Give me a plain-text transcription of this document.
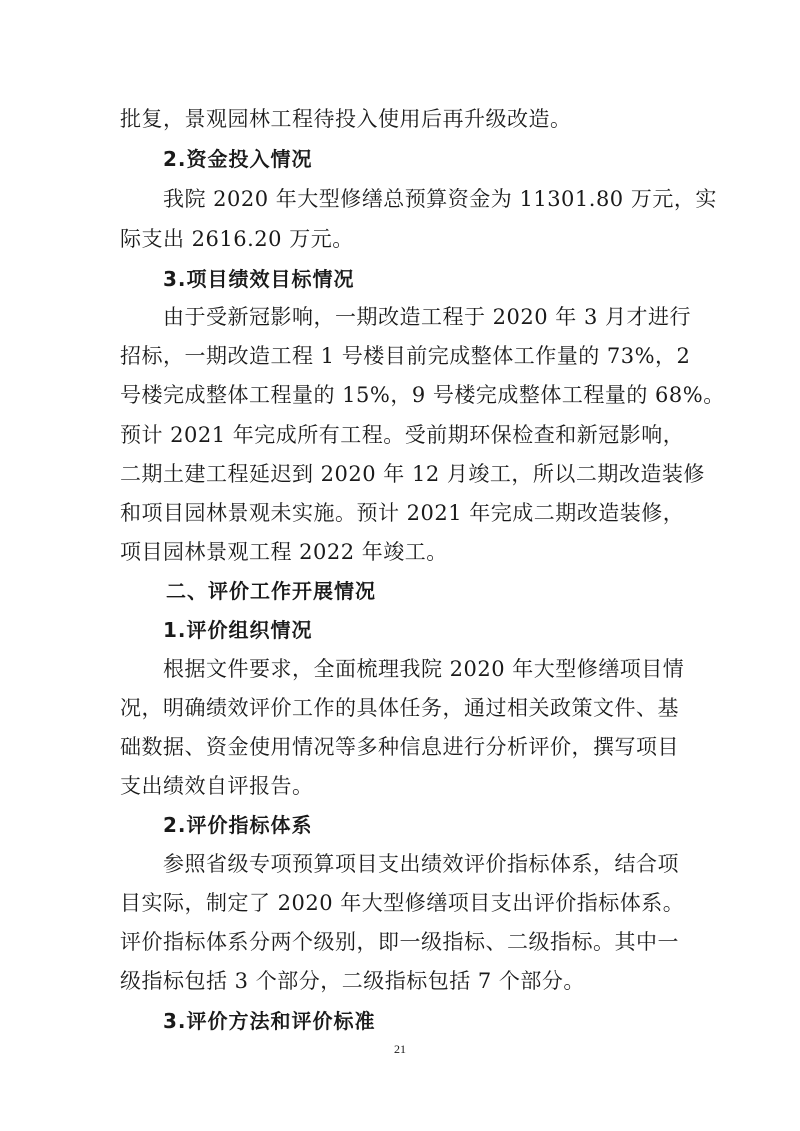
批复，景观园林工程待投入使用后再升级改造。
2.资金投入情况
我院 2020 年大型修缮总预算资金为 11301.80 万元，实
际支出 2616.20 万元。
3.项目绩效目标情况
由于受新冠影响，一期改造工程于 2020 年 3 月才进行
招标，一期改造工程 1 号楼目前完成整体工作量的 73%，2
号楼完成整体工程量的 15%，9 号楼完成整体工程量的 68%。
预计 2021 年完成所有工程。受前期环保检查和新冠影响，
二期土建工程延迟到 2020 年 12 月竣工，所以二期改造装修
和项目园林景观未实施。预计 2021 年完成二期改造装修，
项目园林景观工程 2022 年竣工。
二、评价工作开展情况
1.评价组织情况
根据文件要求，全面梳理我院 2020 年大型修缮项目情
况，明确绩效评价工作的具体任务，通过相关政策文件、基
础数据、资金使用情况等多种信息进行分析评价，撰写项目
支出绩效自评报告。
2.评价指标体系
参照省级专项预算项目支出绩效评价指标体系，结合项
目实际，制定了 2020 年大型修缮项目支出评价指标体系。
评价指标体系分两个级别，即一级指标、二级指标。其中一
级指标包括 3 个部分，二级指标包括 7 个部分。
3.评价方法和评价标准
21
